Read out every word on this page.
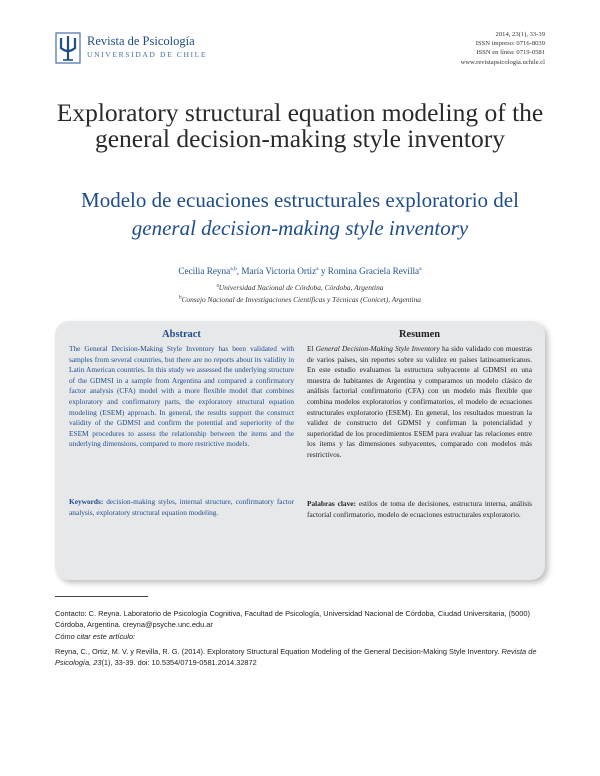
Revista de Psicología
UNIVERSIDAD DE CHILE
2014, 23(1), 33-39
ISSN impreso: 0716-8039
ISSN en línea: 0719-0581
www.revistapsicologia.uchile.cl
Exploratory structural equation modeling of the general decision-making style inventory
Modelo de ecuaciones estructurales exploratorio del
general decision-making style inventory
Cecilia Reyna$^{a,b}$, María Victoria Ortiz$^a$ y Romina Graciela Revilla$^a$
$^a$Universidad Nacional de Córdoba, Córdoba, Argentina
$^b$Consejo Nacional de Investigaciones Científicas y Técnicas (Conicet), Argentina
Abstract
The General Decision-Making Style Inventory has been validated with samples from several countries, but there are no reports about its validity in Latin American countries. In this study we assessed the underlying structure of the GDMSI in a sample from Argentina and compared a confirmatory factor analysis (CFA) model with a more flexible model that combines exploratory and confirmatory parts, the exploratory structural equation modeling (ESEM) approach. In general, the results support the construct validity of the GDMSI and confirm the potential and superiority of the ESEM procedures to assess the relationship between the items and the underlying dimensions, compared to more restrictive models.
Keywords: decision-making styles, internal structure, confirmatory factor analysis, exploratory structural equation modeling.
Resumen
El General Decision-Making Style Inventory ha sido validado con muestras de varios países, sin reportes sobre su validez en países latinoamericanos. En este estudio evaluamos la estructura subyacente al GDMSI en una muestra de habitantes de Argentina y comparamos un modelo clásico de análisis factorial confirmatorio (CFA) con un modelo más flexible que combina modelos exploratorios y confirmatorios, el modelo de ecuaciones estructurales exploratorio (ESEM). En general, los resultados muestran la validez de constructo del GDMSI y confirman la potencialidad y superioridad de los procedimientos ESEM para evaluar las relaciones entre los ítems y las dimensiones subyacentes, comparado con modelos más restrictivos.
Palabras clave: estilos de toma de decisiones, estructura interna, análisis factorial confirmatorio, modelo de ecuaciones estructurales exploratorio.
Contacto: C. Reyna. Laboratorio de Psicología Cognitiva, Facultad de Psicología, Universidad Nacional de Córdoba, Ciudad Universitaria, (5000) Córdoba, Argentina. creyna@psyche.unc.edu.ar
Cómo citar este artículo:
Reyna, C., Ortiz, M. V. y Revilla, R. G. (2014). Exploratory Structural Equation Modeling of the General Decision-Making Style Inventory. Revista de Psicología, 23(1), 33-39. doi: 10.5354/0719-0581.2014.32872
